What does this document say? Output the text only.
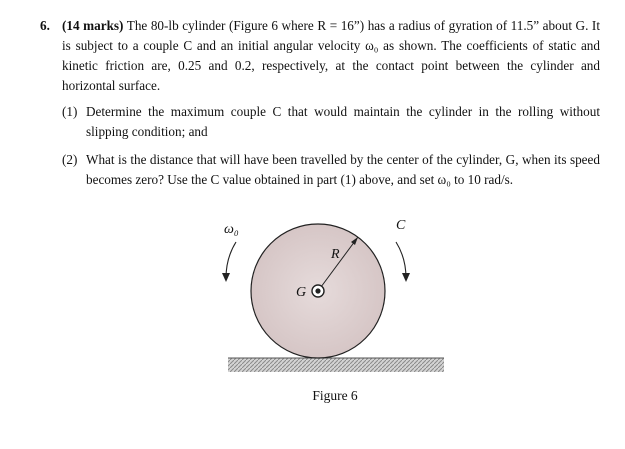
6. (14 marks) The 80-lb cylinder (Figure 6 where R = 16”) has a radius of gyration of 11.5” about G. It is subject to a couple C and an initial angular velocity ω₀ as shown. The coefficients of static and kinetic friction are, 0.25 and 0.2, respectively, at the contact point between the cylinder and horizontal surface.
(1) Determine the maximum couple C that would maintain the cylinder in the rolling without slipping condition; and
(2) What is the distance that will have been travelled by the center of the cylinder, G, when its speed becomes zero? Use the C value obtained in part (1) above, and set ω₀ to 10 rad/s.
ω₀	C
R
G
Figure 6
